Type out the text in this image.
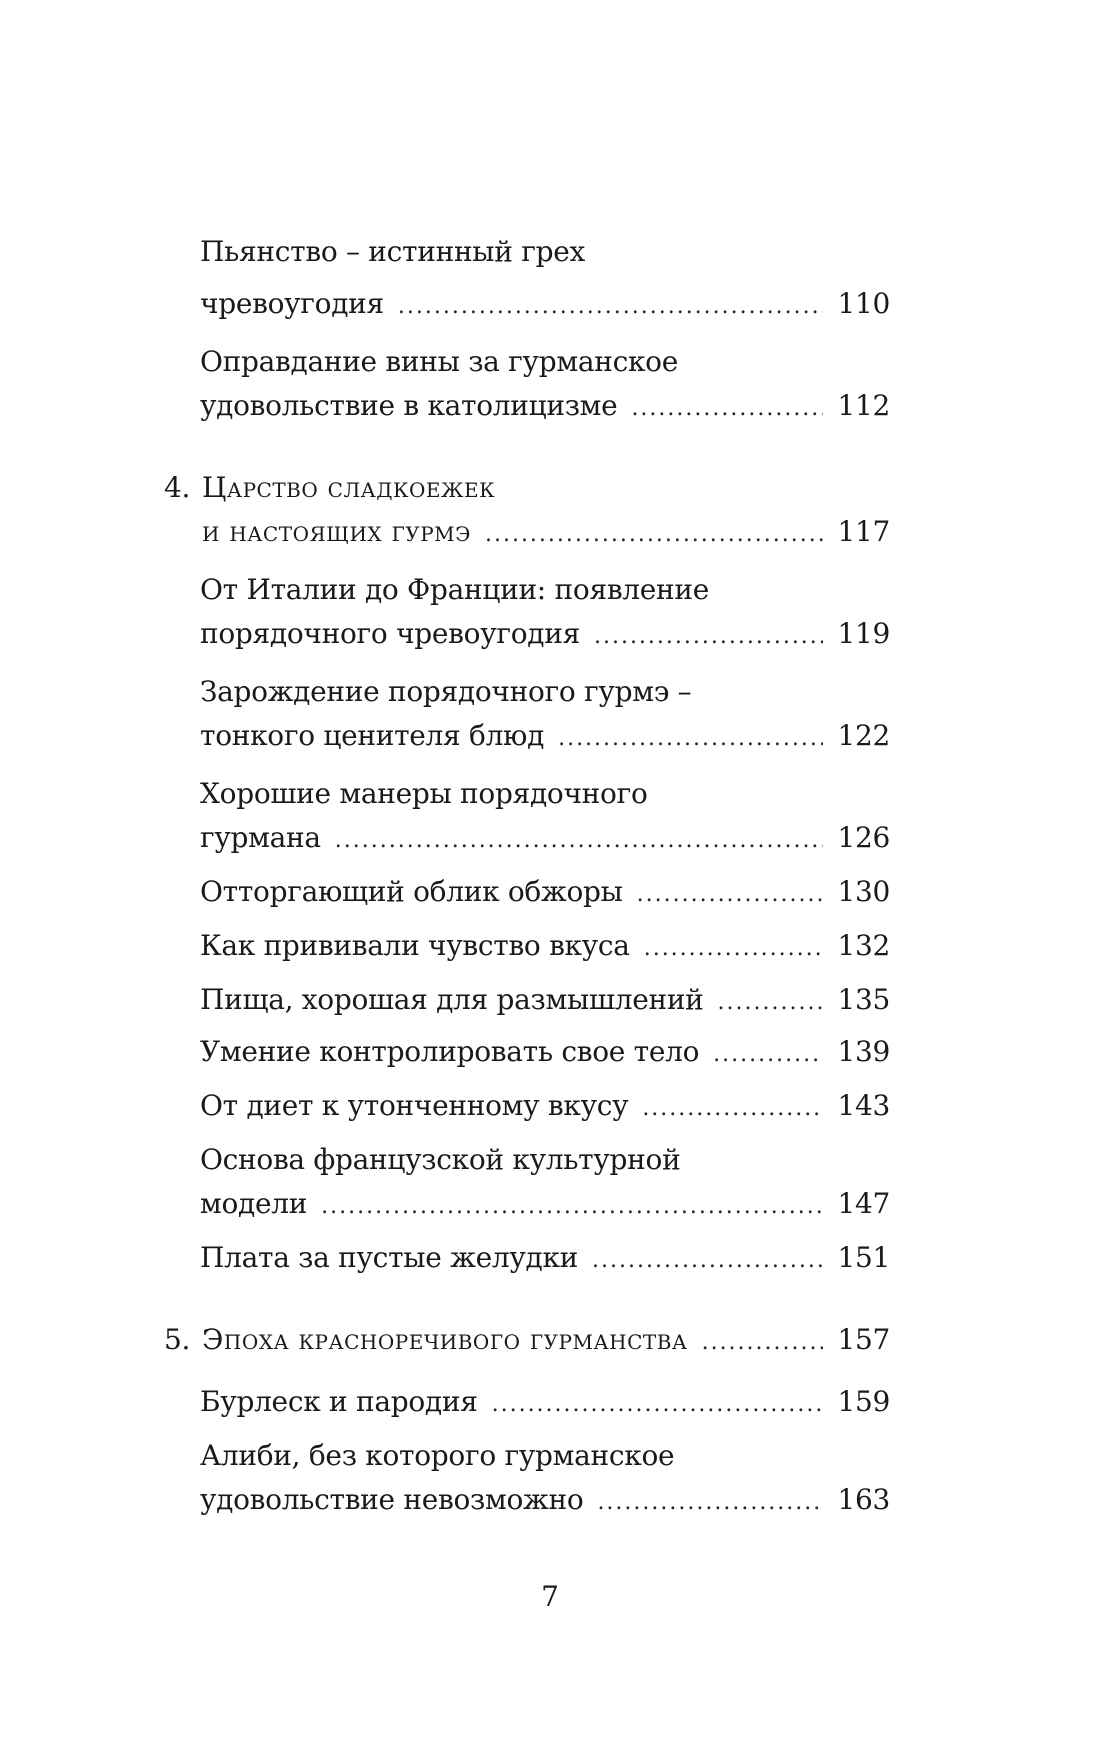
Пьянство – истинный грех
чревоугодия .....	110
Оправдание вины за гурманское
удовольствие в католицизме .....	112
4. Царство сладкоежек
и настоящих гурмэ .....	117
От Италии до Франции: появление
порядочного чревоугодия .....	119
Зарождение порядочного гурмэ –
тонкого ценителя блюд .....	122
Хорошие манеры порядочного
гурмана .....	126
Отторгающий облик обжоры .....	130
Как прививали чувство вкуса .....	132
Пища, хорошая для размышлений .....	135
Умение контролировать свое тело .....	139
От диет к утонченному вкусу .....	143
Основа французской культурной
модели .....	147
Плата за пустые желудки .....	151
5. Эпоха красноречивого гурманства .....	157
Бурлеск и пародия .....	159
Алиби, без которого гурманское
удовольствие невозможно .....	163
7
